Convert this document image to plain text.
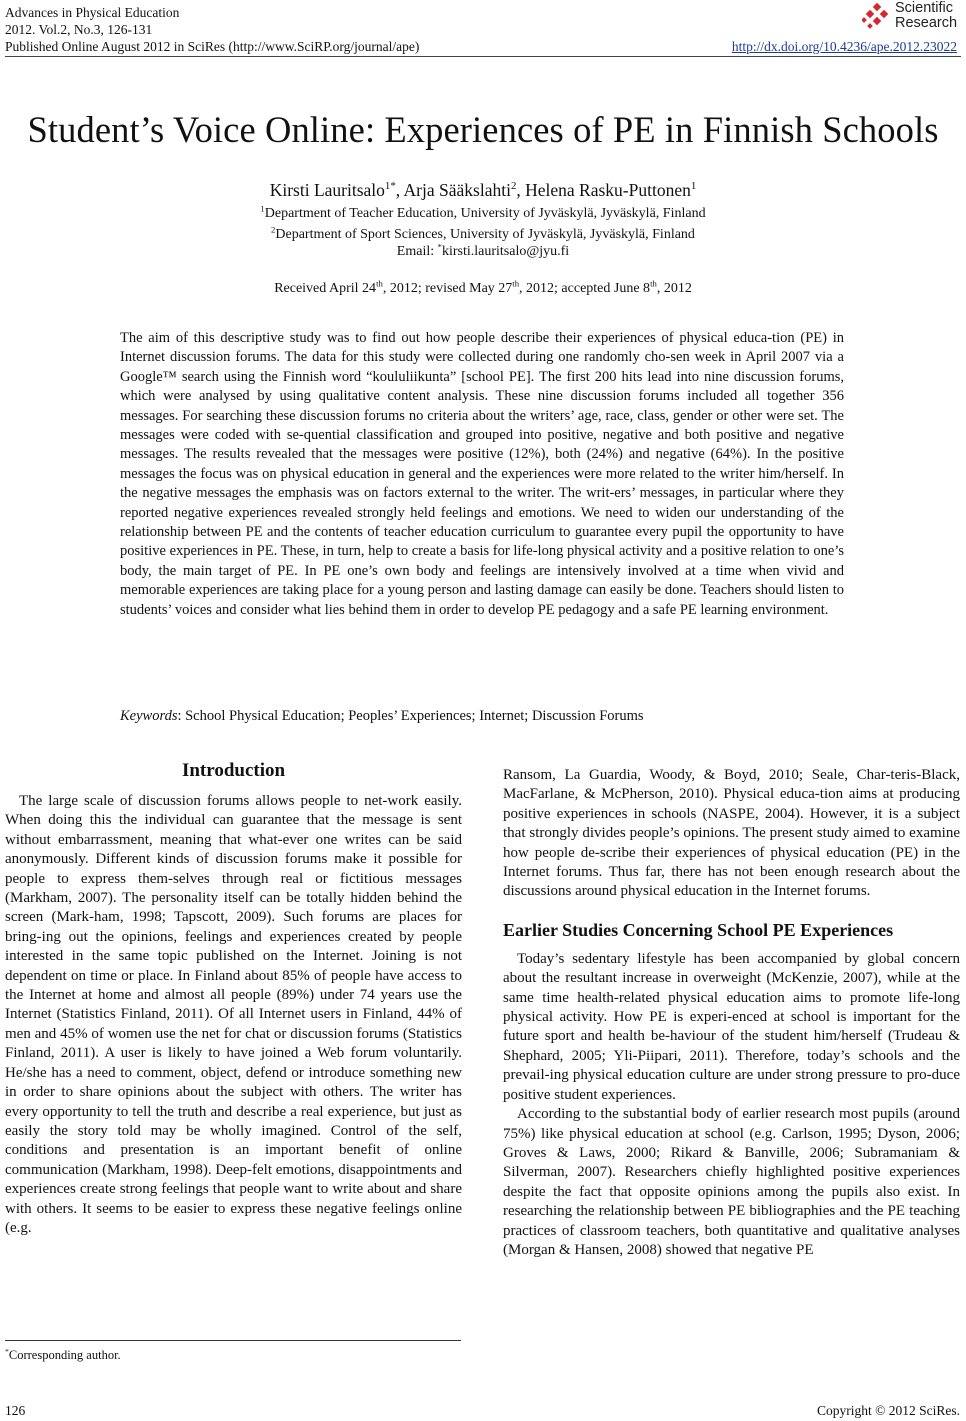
Advances in Physical Education
2012. Vol.2, No.3, 126-131
Published Online August 2012 in SciRes (http://www.SciRP.org/journal/ape)	http://dx.doi.org/10.4236/ape.2012.23022
Scientific
Research
Student’s Voice Online: Experiences of PE in Finnish Schools
Kirsti Lauritsalo$^{1*}$, Arja Sääkslahti$^2$, Helena Rasku-Puttonen$^1$
$^1$Department of Teacher Education, University of Jyväskylä, Jyväskylä, Finland
$^2$Department of Sport Sciences, University of Jyväskylä, Jyväskylä, Finland
Email: *kirsti.lauritsalo@jyu.fi
Received April 24th, 2012; revised May 27th, 2012; accepted June 8th, 2012

The aim of this descriptive study was to find out how people describe their experiences of physical educa-tion (PE) in Internet discussion forums. The data for this study were collected during one randomly cho-sen week in April 2007 via a Google™ search using the Finnish word “koululiikunta” [school PE]. The first 200 hits lead into nine discussion forums, which were analysed by using qualitative content analysis. These nine discussion forums included all together 356 messages. For searching these discussion forums no criteria about the writers’ age, race, class, gender or other were set. The messages were coded with se-quential classification and grouped into positive, negative and both positive and negative messages. The results revealed that the messages were positive (12%), both (24%) and negative (64%). In the positive messages the focus was on physical education in general and the experiences were more related to the writer him/herself. In the negative messages the emphasis was on factors external to the writer. The writ-ers’ messages, in particular where they reported negative experiences revealed strongly held feelings and emotions. We need to widen our understanding of the relationship between PE and the contents of teacher education curriculum to guarantee every pupil the opportunity to have positive experiences in PE. These, in turn, help to create a basis for life-long physical activity and a positive relation to one’s body, the main target of PE. In PE one’s own body and feelings are intensively involved at a time when vivid and memorable experiences are taking place for a young person and lasting damage can easily be done. Teachers should listen to students’ voices and consider what lies behind them in order to develop PE pedagogy and a safe PE learning environment.

Keywords: School Physical Education; Peoples’ Experiences; Internet; Discussion Forums
Introduction

The large scale of discussion forums allows people to net-work easily. When doing this the individual can guarantee that the message is sent without embarrassment, meaning that what-ever one writes can be said anonymously. Different kinds of discussion forums make it possible for people to express them-selves through real or fictitious messages (Markham, 2007). The personality itself can be totally hidden behind the screen (Mark-ham, 1998; Tapscott, 2009). Such forums are places for bring-ing out the opinions, feelings and experiences created by people interested in the same topic published on the Internet. Joining is not dependent on time or place. In Finland about 85% of people have access to the Internet at home and almost all people (89%) under 74 years use the Internet (Statistics Finland, 2011). Of all Internet users in Finland, 44% of men and 45% of women use the net for chat or discussion forums (Statistics Finland, 2011). A user is likely to have joined a Web forum voluntarily. He/she has a need to comment, object, defend or introduce something new in order to share opinions about the subject with others. The writer has every opportunity to tell the truth and describe a real experience, but just as easily the story told may be wholly imagined. Control of the self, conditions and presentation is an important benefit of online communication (Markham, 1998). Deep-felt emotions, disappointments and experiences create strong feelings that people want to write about and share with others. It seems to be easier to express these negative feelings online (e.g.

Ransom, La Guardia, Woody, & Boyd, 2010; Seale, Char-teris-Black, MacFarlane, & McPherson, 2010). Physical educa-tion aims at producing positive experiences in schools (NASPE, 2004). However, it is a subject that strongly divides people’s opinions. The present study aimed to examine how people de-scribe their experiences of physical education (PE) in the Internet forums. Thus far, there has not been enough research about the discussions around physical education in the Internet forums.

Earlier Studies Concerning School PE Experiences

Today’s sedentary lifestyle has been accompanied by global concern about the resultant increase in overweight (McKenzie, 2007), while at the same time health-related physical education aims to promote life-long physical activity. How PE is experi-enced at school is important for the future sport and health be-haviour of the student him/herself (Trudeau & Shephard, 2005; Yli-Piipari, 2011). Therefore, today’s schools and the prevail-ing physical education culture are under strong pressure to pro-duce positive student experiences.

According to the substantial body of earlier research most pupils (around 75%) like physical education at school (e.g. Carlson, 1995; Dyson, 2006; Groves & Laws, 2000; Rikard & Banville, 2006; Subramaniam & Silverman, 2007). Researchers chiefly highlighted positive experiences despite the fact that opposite opinions among the pupils also exist. In researching the relationship between PE bibliographies and the PE teaching practices of classroom teachers, both quantitative and qualitative analyses (Morgan & Hansen, 2008) showed that negative PE

*Corresponding author.
126	Copyright © 2012 SciRes.
